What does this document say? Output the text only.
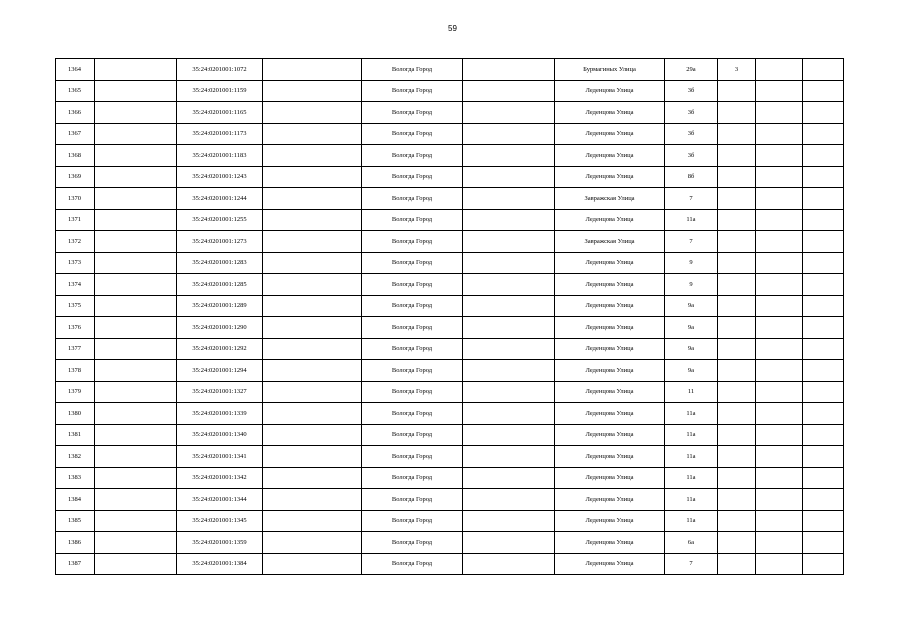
59
1364		35:24:0201001:1072		Вологда Город		Бурмагиных Улица	29а	3		
1365		35:24:0201001:1159		Вологда Город		Леденцова Улица	3б			
1366		35:24:0201001:1165		Вологда Город		Леденцова Улица	3б			
1367		35:24:0201001:1173		Вологда Город		Леденцова Улица	3б			
1368		35:24:0201001:1183		Вологда Город		Леденцова Улица	3б			
1369		35:24:0201001:1243		Вологда Город		Леденцова Улица	8б			
1370		35:24:0201001:1244		Вологда Город		Завражская Улица	7			
1371		35:24:0201001:1255		Вологда Город		Леденцова Улица	11а			
1372		35:24:0201001:1273		Вологда Город		Завражская Улица	7			
1373		35:24:0201001:1283		Вологда Город		Леденцова Улица	9			
1374		35:24:0201001:1285		Вологда Город		Леденцова Улица	9			
1375		35:24:0201001:1289		Вологда Город		Леденцова Улица	9а			
1376		35:24:0201001:1290		Вологда Город		Леденцова Улица	9а			
1377		35:24:0201001:1292		Вологда Город		Леденцова Улица	9а			
1378		35:24:0201001:1294		Вологда Город		Леденцова Улица	9а			
1379		35:24:0201001:1327		Вологда Город		Леденцова Улица	11			
1380		35:24:0201001:1339		Вологда Город		Леденцова Улица	11а			
1381		35:24:0201001:1340		Вологда Город		Леденцова Улица	11а			
1382		35:24:0201001:1341		Вологда Город		Леденцова Улица	11а			
1383		35:24:0201001:1342		Вологда Город		Леденцова Улица	11а			
1384		35:24:0201001:1344		Вологда Город		Леденцова Улица	11а			
1385		35:24:0201001:1345		Вологда Город		Леденцова Улица	11а			
1386		35:24:0201001:1359		Вологда Город		Леденцова Улица	6а			
1387		35:24:0201001:1384		Вологда Город		Леденцова Улица	7			
